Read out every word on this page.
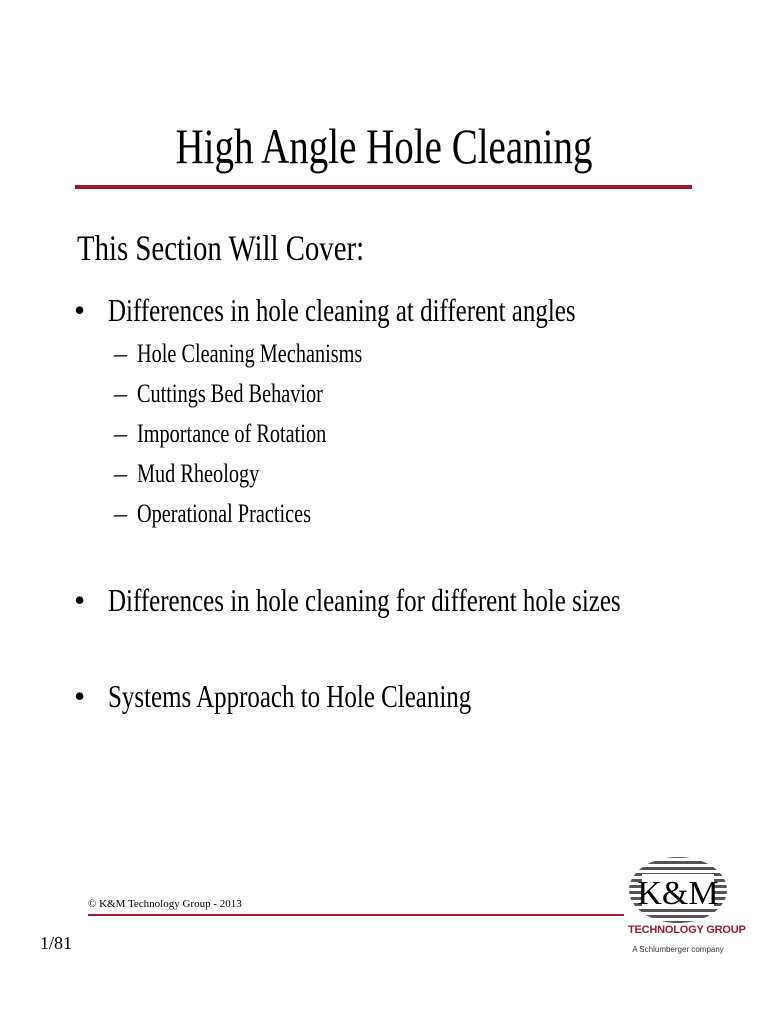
High Angle Hole Cleaning
This Section Will Cover:
• Differences in hole cleaning at different angles
– Hole Cleaning Mechanisms
– Cuttings Bed Behavior
– Importance of Rotation
– Mud Rheology
– Operational Practices
• Differences in hole cleaning for different hole sizes
• Systems Approach to Hole Cleaning
© K&M Technology Group - 2013
1/81
K&M
TECHNOLOGY GROUP
A Schlumberger company
